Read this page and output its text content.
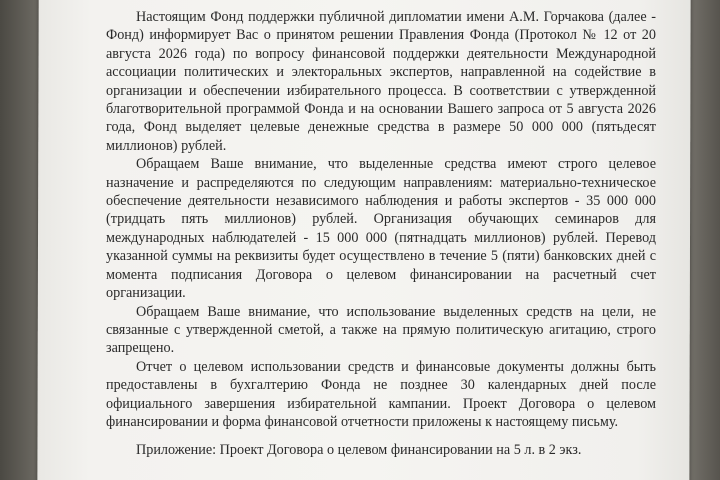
Настоящим Фонд поддержки публичной дипломатии имени А.М. Горчакова (далее - Фонд) информирует Вас о принятом решении Правления Фонда (Протокол № 12 от 20 августа 2026 года) по вопросу финансовой поддержки деятельности Международной ассоциации политических и электоральных экспертов, направленной на содействие в организации и обеспечении избирательного процесса. В соответствии с утвержденной благотворительной программой Фонда и на основании Вашего запроса от 5 августа 2026 года, Фонд выделяет целевые денежные средства в размере 50 000 000 (пятьдесят миллионов) рублей.

Обращаем Ваше внимание, что выделенные средства имеют строго целевое назначение и распределяются по следующим направлениям: материально-техническое обеспечение деятельности независимого наблюдения и работы экспертов - 35 000 000 (тридцать пять миллионов) рублей. Организация обучающих семинаров для международных наблюдателей - 15 000 000 (пятнадцать миллионов) рублей. Перевод указанной суммы на реквизиты будет осуществлено в течение 5 (пяти) банковских дней с момента подписания Договора о целевом финансировании на расчетный счет организации.

Обращаем Ваше внимание, что использование выделенных средств на цели, не связанные с утвержденной сметой, а также на прямую политическую агитацию, строго запрещено.

Отчет о целевом использовании средств и финансовые документы должны быть предоставлены в бухгалтерию Фонда не позднее 30 календарных дней после официального завершения избирательной кампании. Проект Договора о целевом финансировании и форма финансовой отчетности приложены к настоящему письму.

Приложение: Проект Договора о целевом финансировании на 5 л. в 2 экз.
